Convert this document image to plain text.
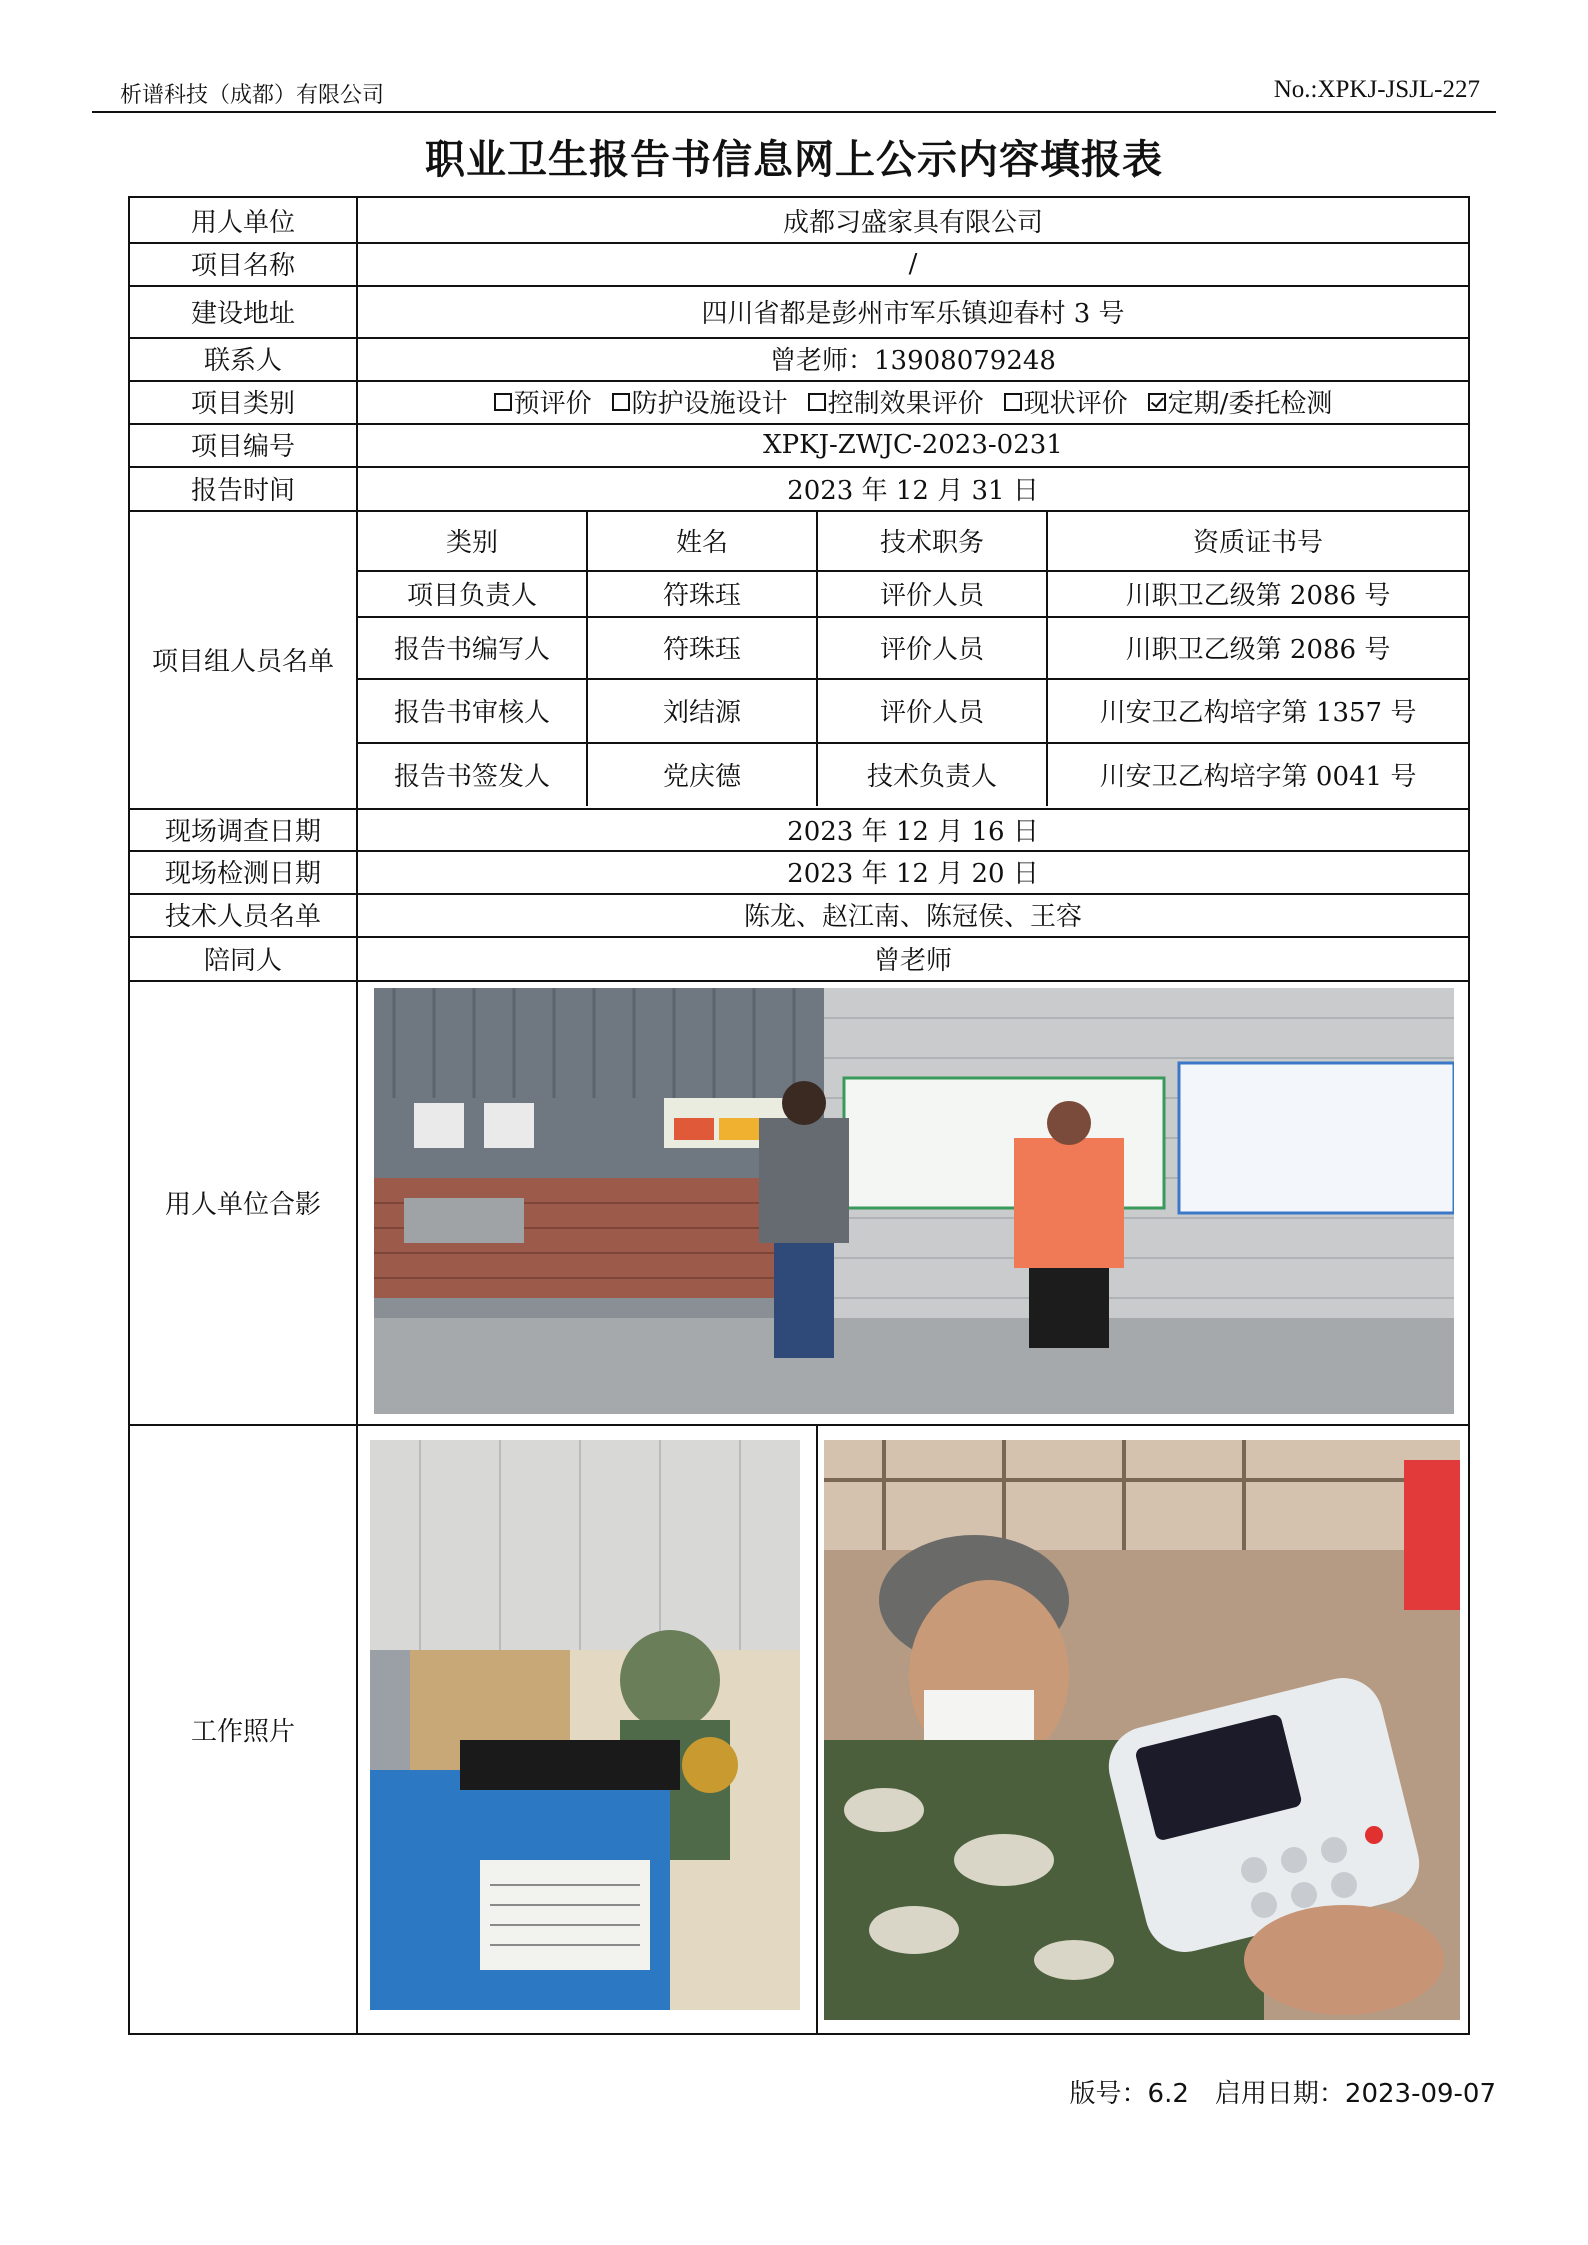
析谱科技（成都）有限公司	No.:XPKJ-JSJL-227
职业卫生报告书信息网上公示内容填报表
用人单位	成都习盛家具有限公司
项目名称	/
建设地址	四川省都是彭州市军乐镇迎春村 3 号
联系人	曾老师：13908079248
项目类别	预评价 防护设施设计 控制效果评价 现状评价 定期/委托检测
项目编号	XPKJ-ZWJC-2023-0231
报告时间	2023 年 12 月 31 日
项目组人员名单
类别	姓名	技术职务	资质证书号
项目负责人	符珠珏	评价人员	川职卫乙级第 2086 号
报告书编写人	符珠珏	评价人员	川职卫乙级第 2086 号
报告书审核人	刘结源	评价人员	川安卫乙构培字第 1357 号
报告书签发人	党庆德	技术负责人	川安卫乙构培字第 0041 号
现场调查日期	2023 年 12 月 16 日
现场检测日期	2023 年 12 月 20 日
技术人员名单	陈龙、赵江南、陈冠侯、王容
陪同人	曾老师
用人单位合影
工作照片
版号：6.2　启用日期：2023-09-07
